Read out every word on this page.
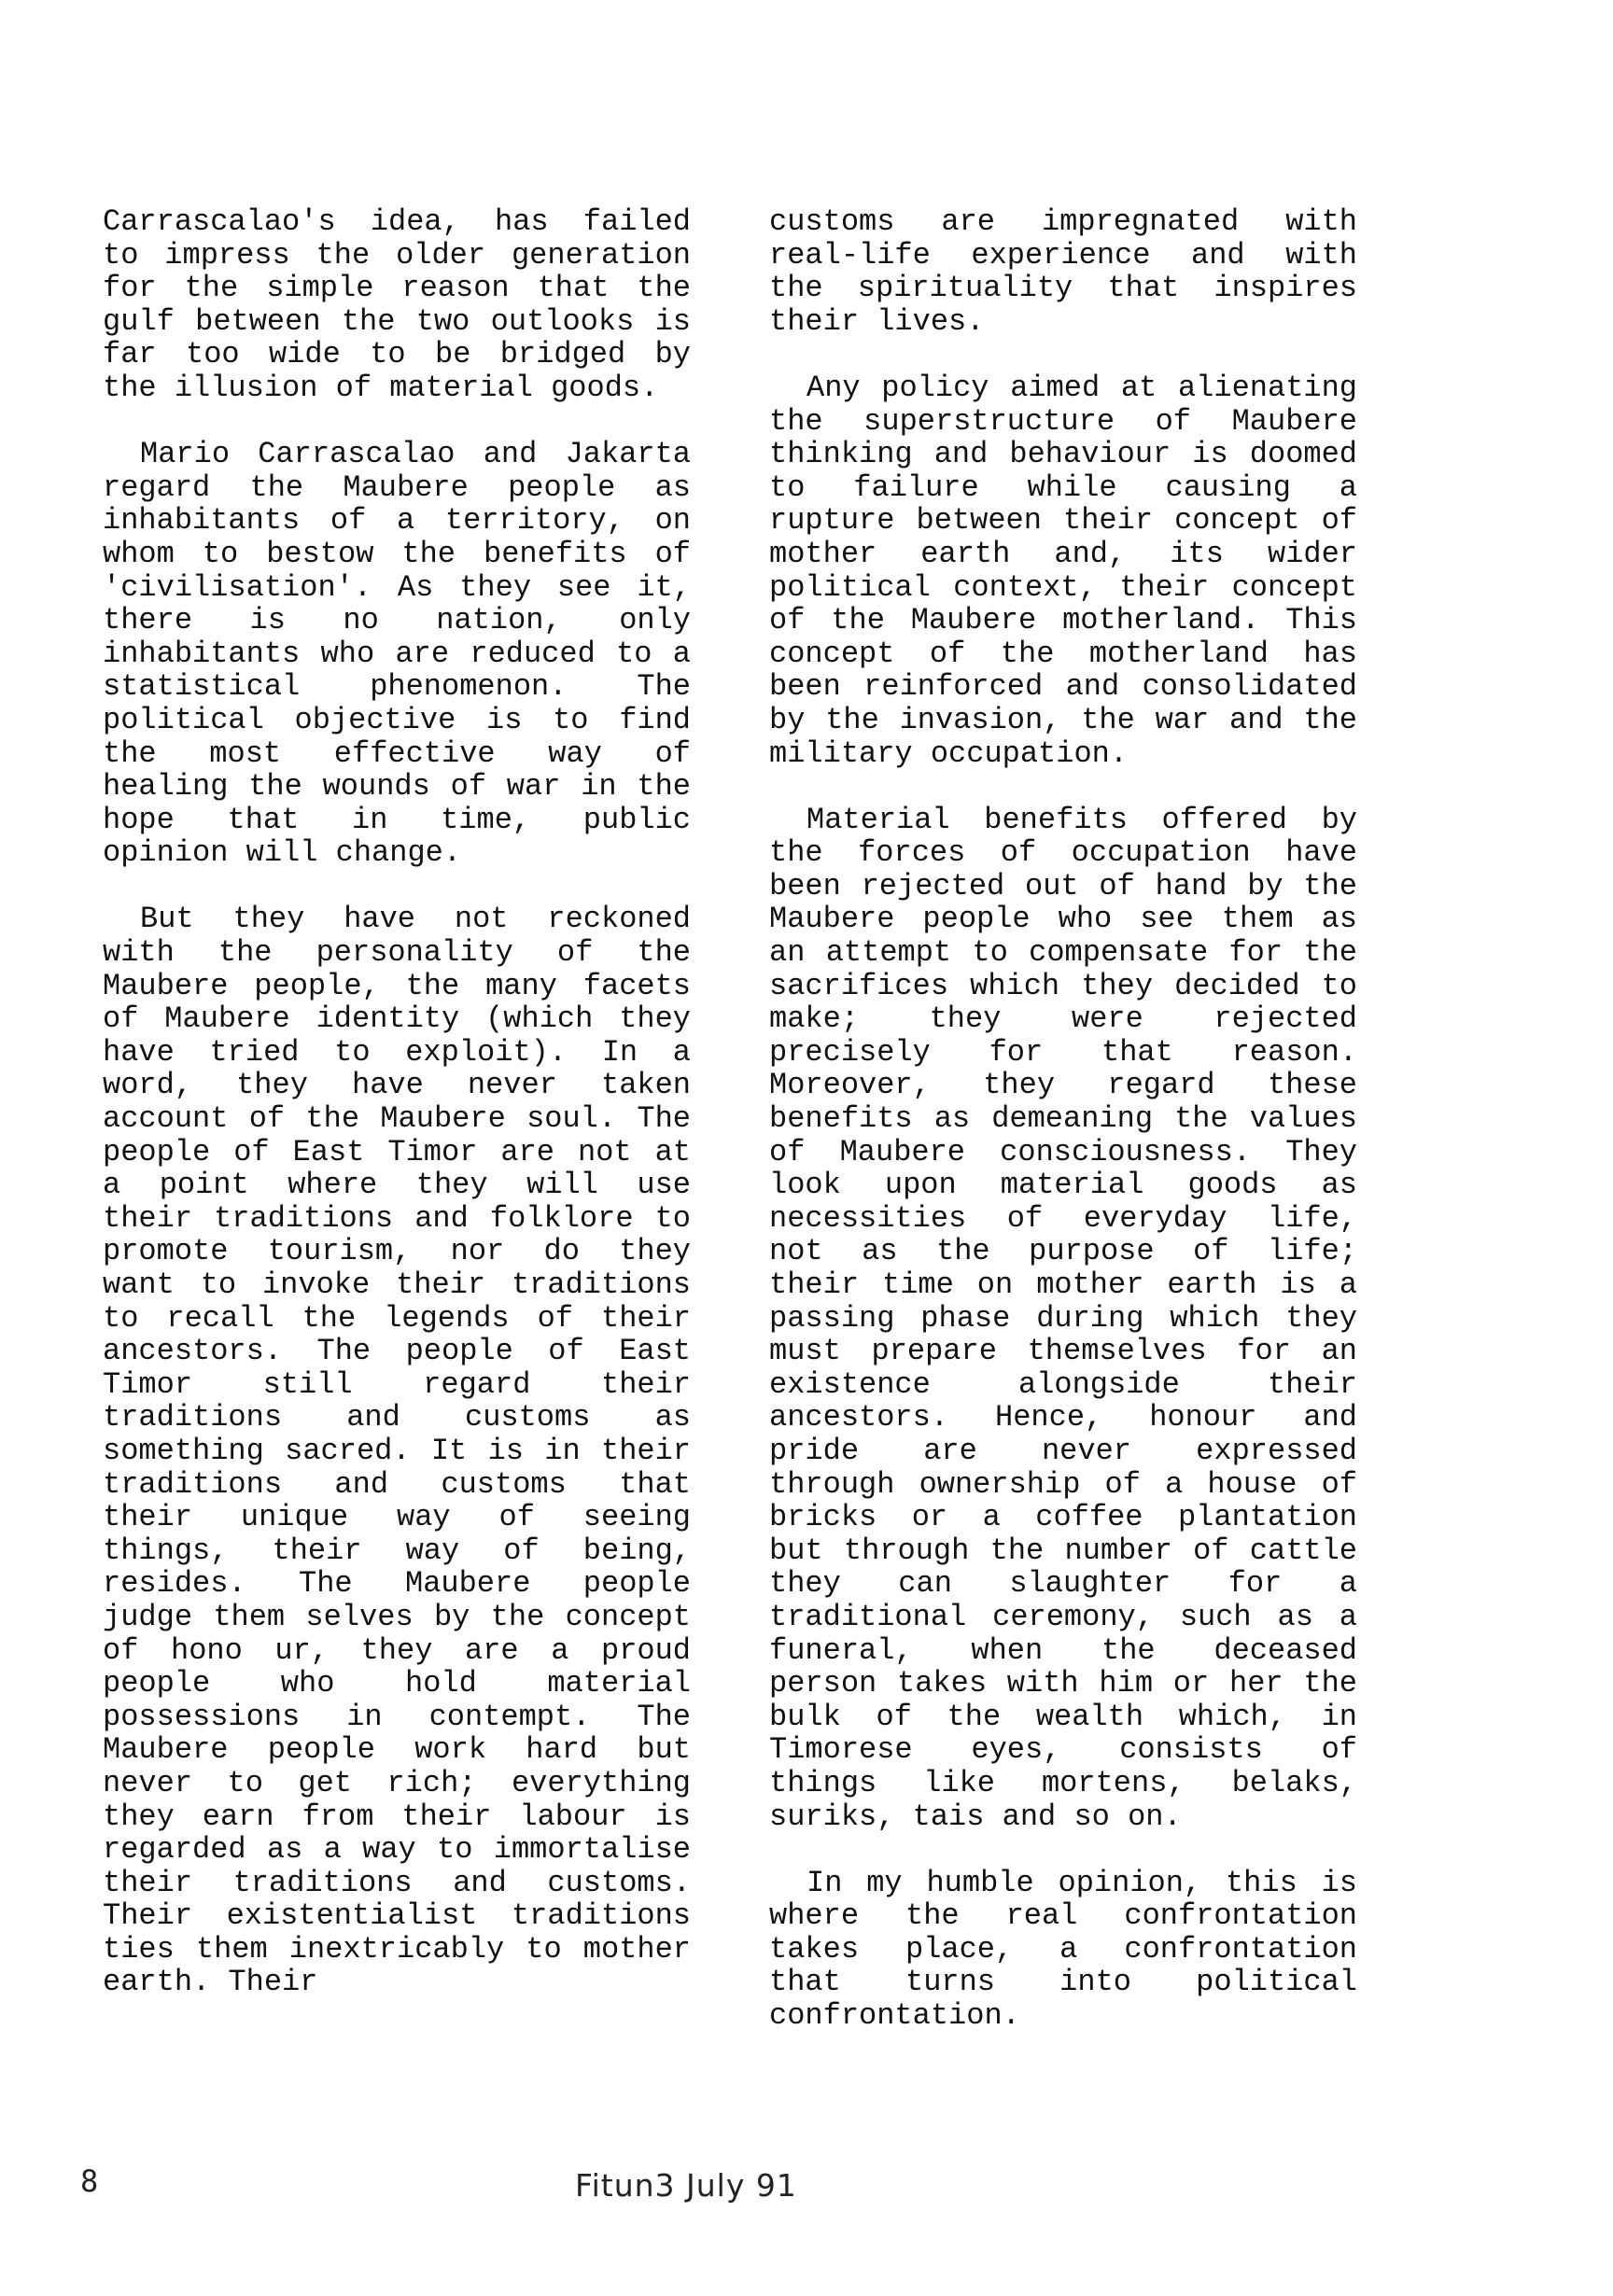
Carrascalao's idea, has failed to impress the older generation for the simple reason that the gulf between the two outlooks is far too wide to be bridged by the illusion of material goods.

Mario Carrascalao and Jakarta regard the Maubere people as inhabitants of a territory, on whom to bestow the benefits of 'civilisation'. As they see it, there is no nation, only inhabitants who are reduced to a statistical phenomenon. The political objective is to find the most effective way of healing the wounds of war in the hope that in time, public opinion will change.

But they have not reckoned with the personality of the Maubere people, the many facets of Maubere identity (which they have tried to exploit). In a word, they have never taken account of the Maubere soul. The people of East Timor are not at a point where they will use their traditions and folklore to promote tourism, nor do they want to invoke their traditions to recall the legends of their ancestors. The people of East Timor still regard their traditions and customs as something sacred. It is in their traditions and customs that their unique way of seeing things, their way of being, resides. The Maubere people judge them selves by the concept of hono ur, they are a proud people who hold material possessions in contempt. The Maubere people work hard but never to get rich; everything they earn from their labour is regarded as a way to immortalise their traditions and customs. Their existentialist traditions ties them inextricably to mother earth. Their

customs are impregnated with real-life experience and with the spirituality that inspires their lives.

Any policy aimed at alienating the superstructure of Maubere thinking and behaviour is doomed to failure while causing a rupture between their concept of mother earth and, its wider political context, their concept of the Maubere motherland. This concept of the motherland has been reinforced and consolidated by the invasion, the war and the military occupation.

Material benefits offered by the forces of occupation have been rejected out of hand by the Maubere people who see them as an attempt to compensate for the sacrifices which they decided to make; they were rejected precisely for that reason. Moreover, they regard these benefits as demeaning the values of Maubere consciousness. They look upon material goods as necessities of everyday life, not as the purpose of life; their time on mother earth is a passing phase during which they must prepare themselves for an existence alongside their ancestors. Hence, honour and pride are never expressed through ownership of a house of bricks or a coffee plantation but through the number of cattle they can slaughter for a traditional ceremony, such as a funeral, when the deceased person takes with him or her the bulk of the wealth which, in Timorese eyes, consists of things like mortens, belaks, suriks, tais and so on.

In my humble opinion, this is where the real confrontation takes place, a confrontation that turns into political confrontation.

8	Fitun3 July 91
